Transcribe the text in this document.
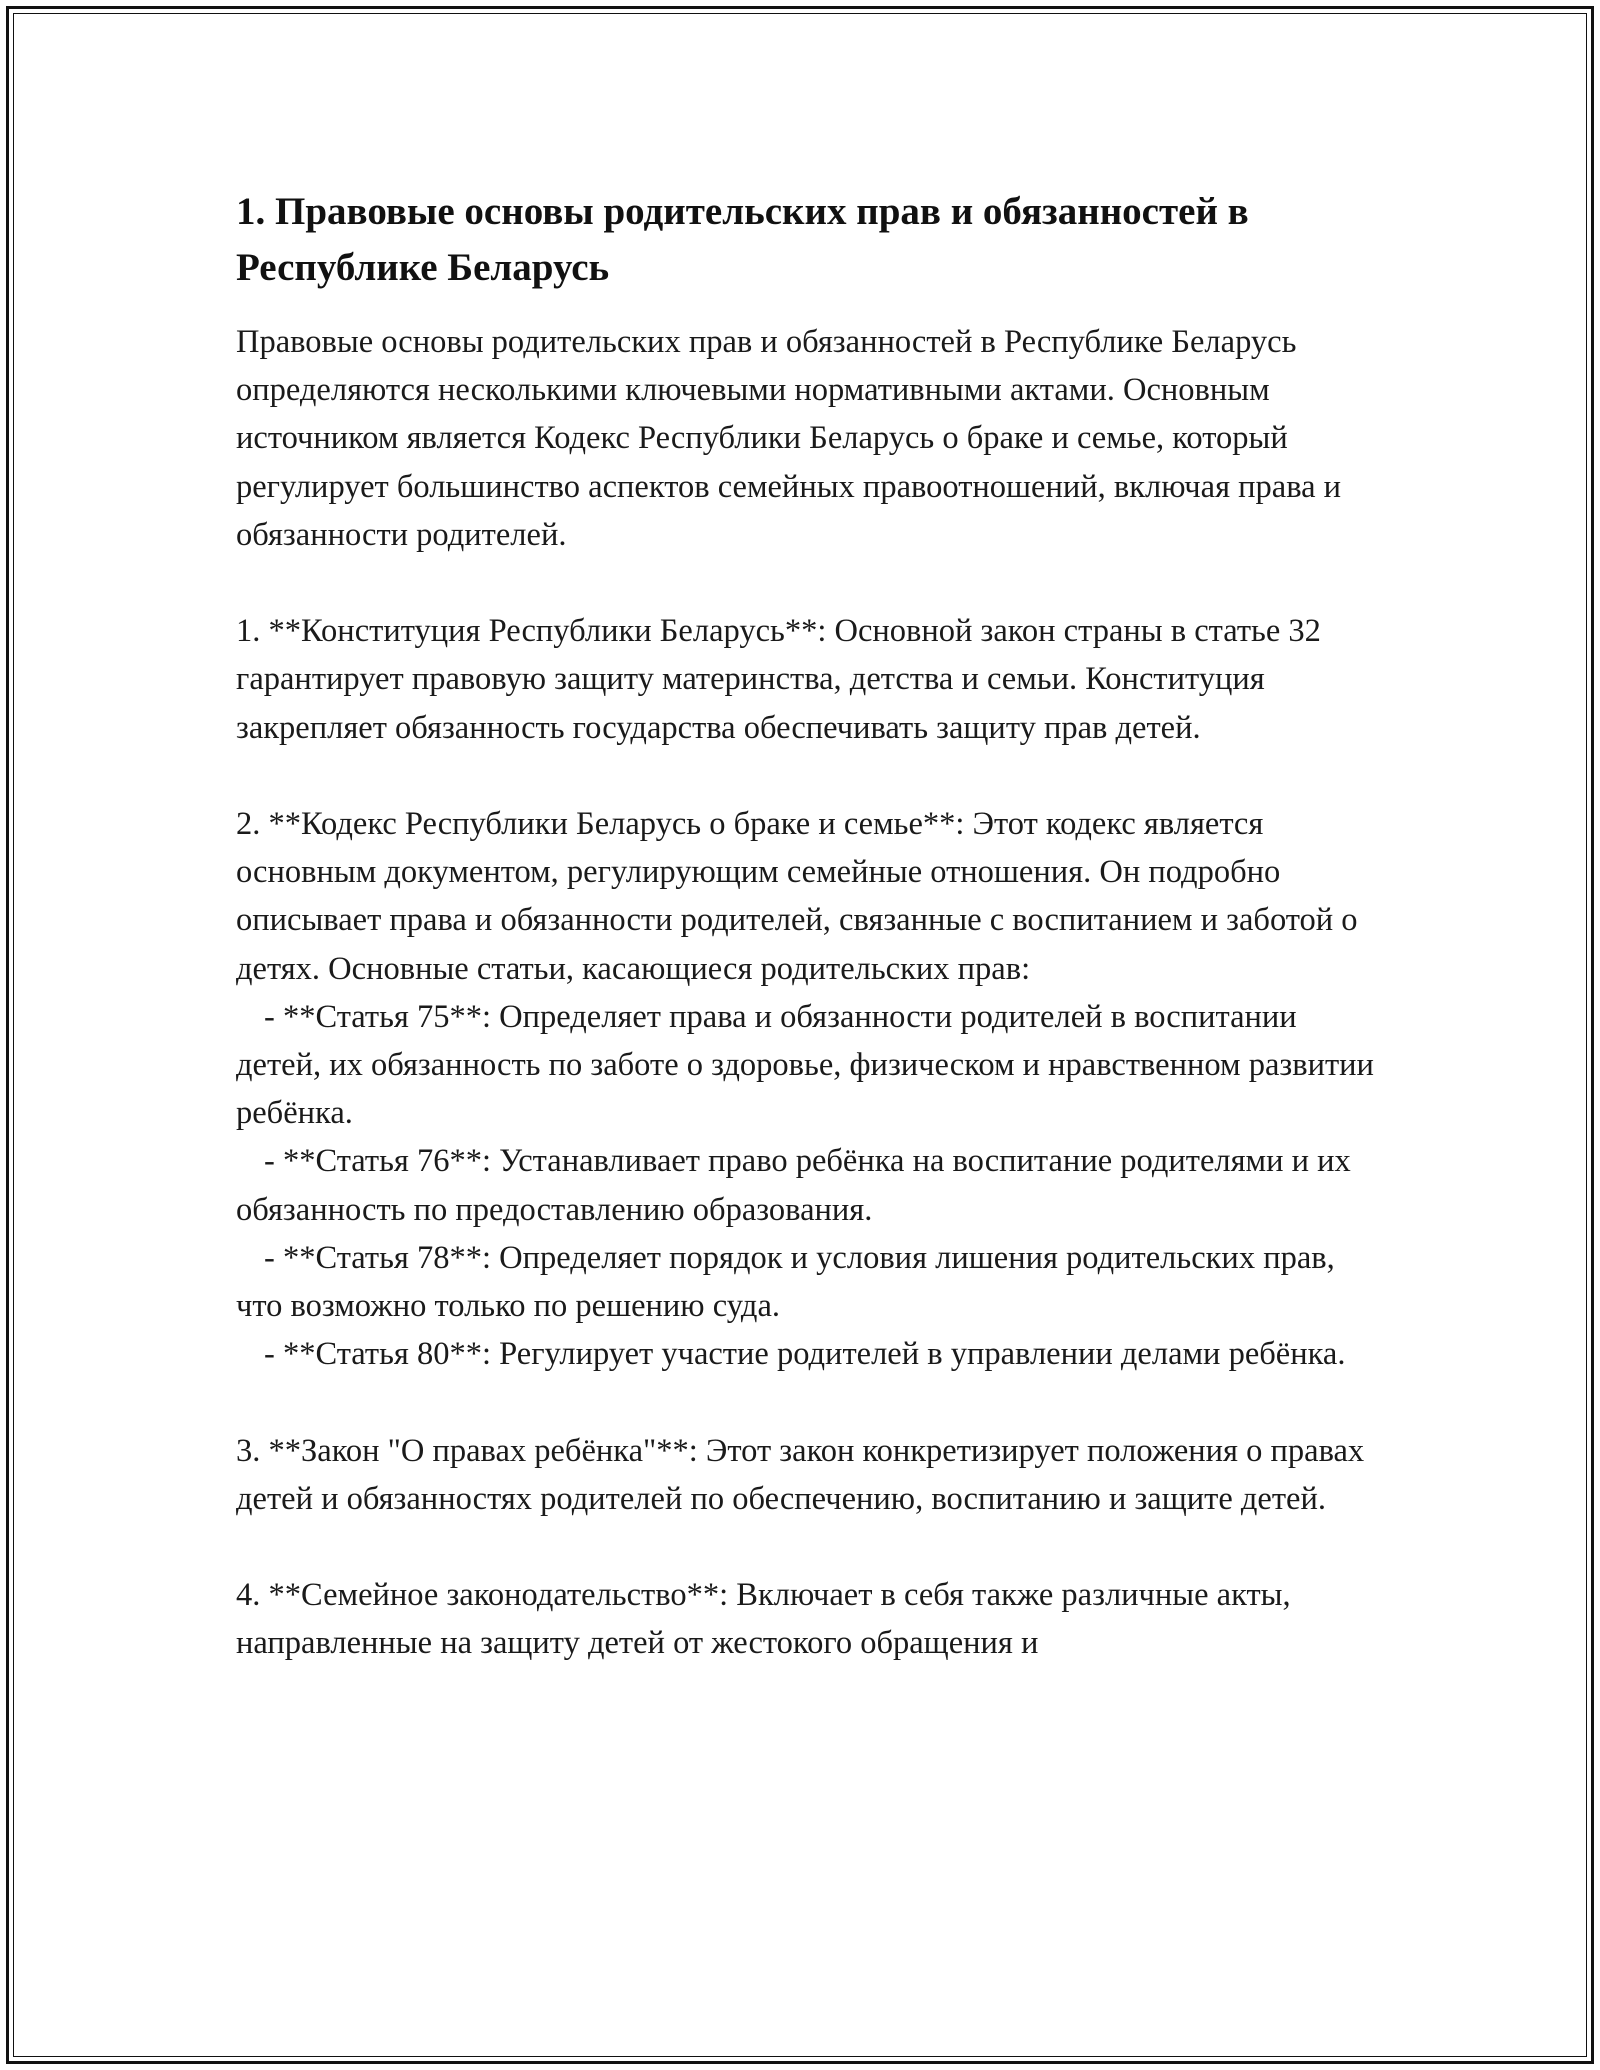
1. Правовые основы родительских прав и обязанностей в Республике Беларусь

Правовые основы родительских прав и обязанностей в Республике Беларусь определяются несколькими ключевыми нормативными актами. Основным источником является Кодекс Республики Беларусь о браке и семье, который регулирует большинство аспектов семейных правоотношений, включая права и обязанности родителей.

1. **Конституция Республики Беларусь**: Основной закон страны в статье 32 гарантирует правовую защиту материнства, детства и семьи. Конституция закрепляет обязанность государства обеспечивать защиту прав детей.

2. **Кодекс Республики Беларусь о браке и семье**: Этот кодекс является основным документом, регулирующим семейные отношения. Он подробно описывает права и обязанности родителей, связанные с воспитанием и заботой о детях. Основные статьи, касающиеся родительских прав:

- **Статья 75**: Определяет права и обязанности родителей в воспитании детей, их обязанность по заботе о здоровье, физическом и нравственном развитии ребёнка.

- **Статья 76**: Устанавливает право ребёнка на воспитание родителями и их обязанность по предоставлению образования.

- **Статья 78**: Определяет порядок и условия лишения родительских прав, что возможно только по решению суда.

- **Статья 80**: Регулирует участие родителей в управлении делами ребёнка.

3. **Закон "О правах ребёнка"**: Этот закон конкретизирует положения о правах детей и обязанностях родителей по обеспечению, воспитанию и защите детей.

4. **Семейное законодательство**: Включает в себя также различные акты, направленные на защиту детей от жестокого обращения и
